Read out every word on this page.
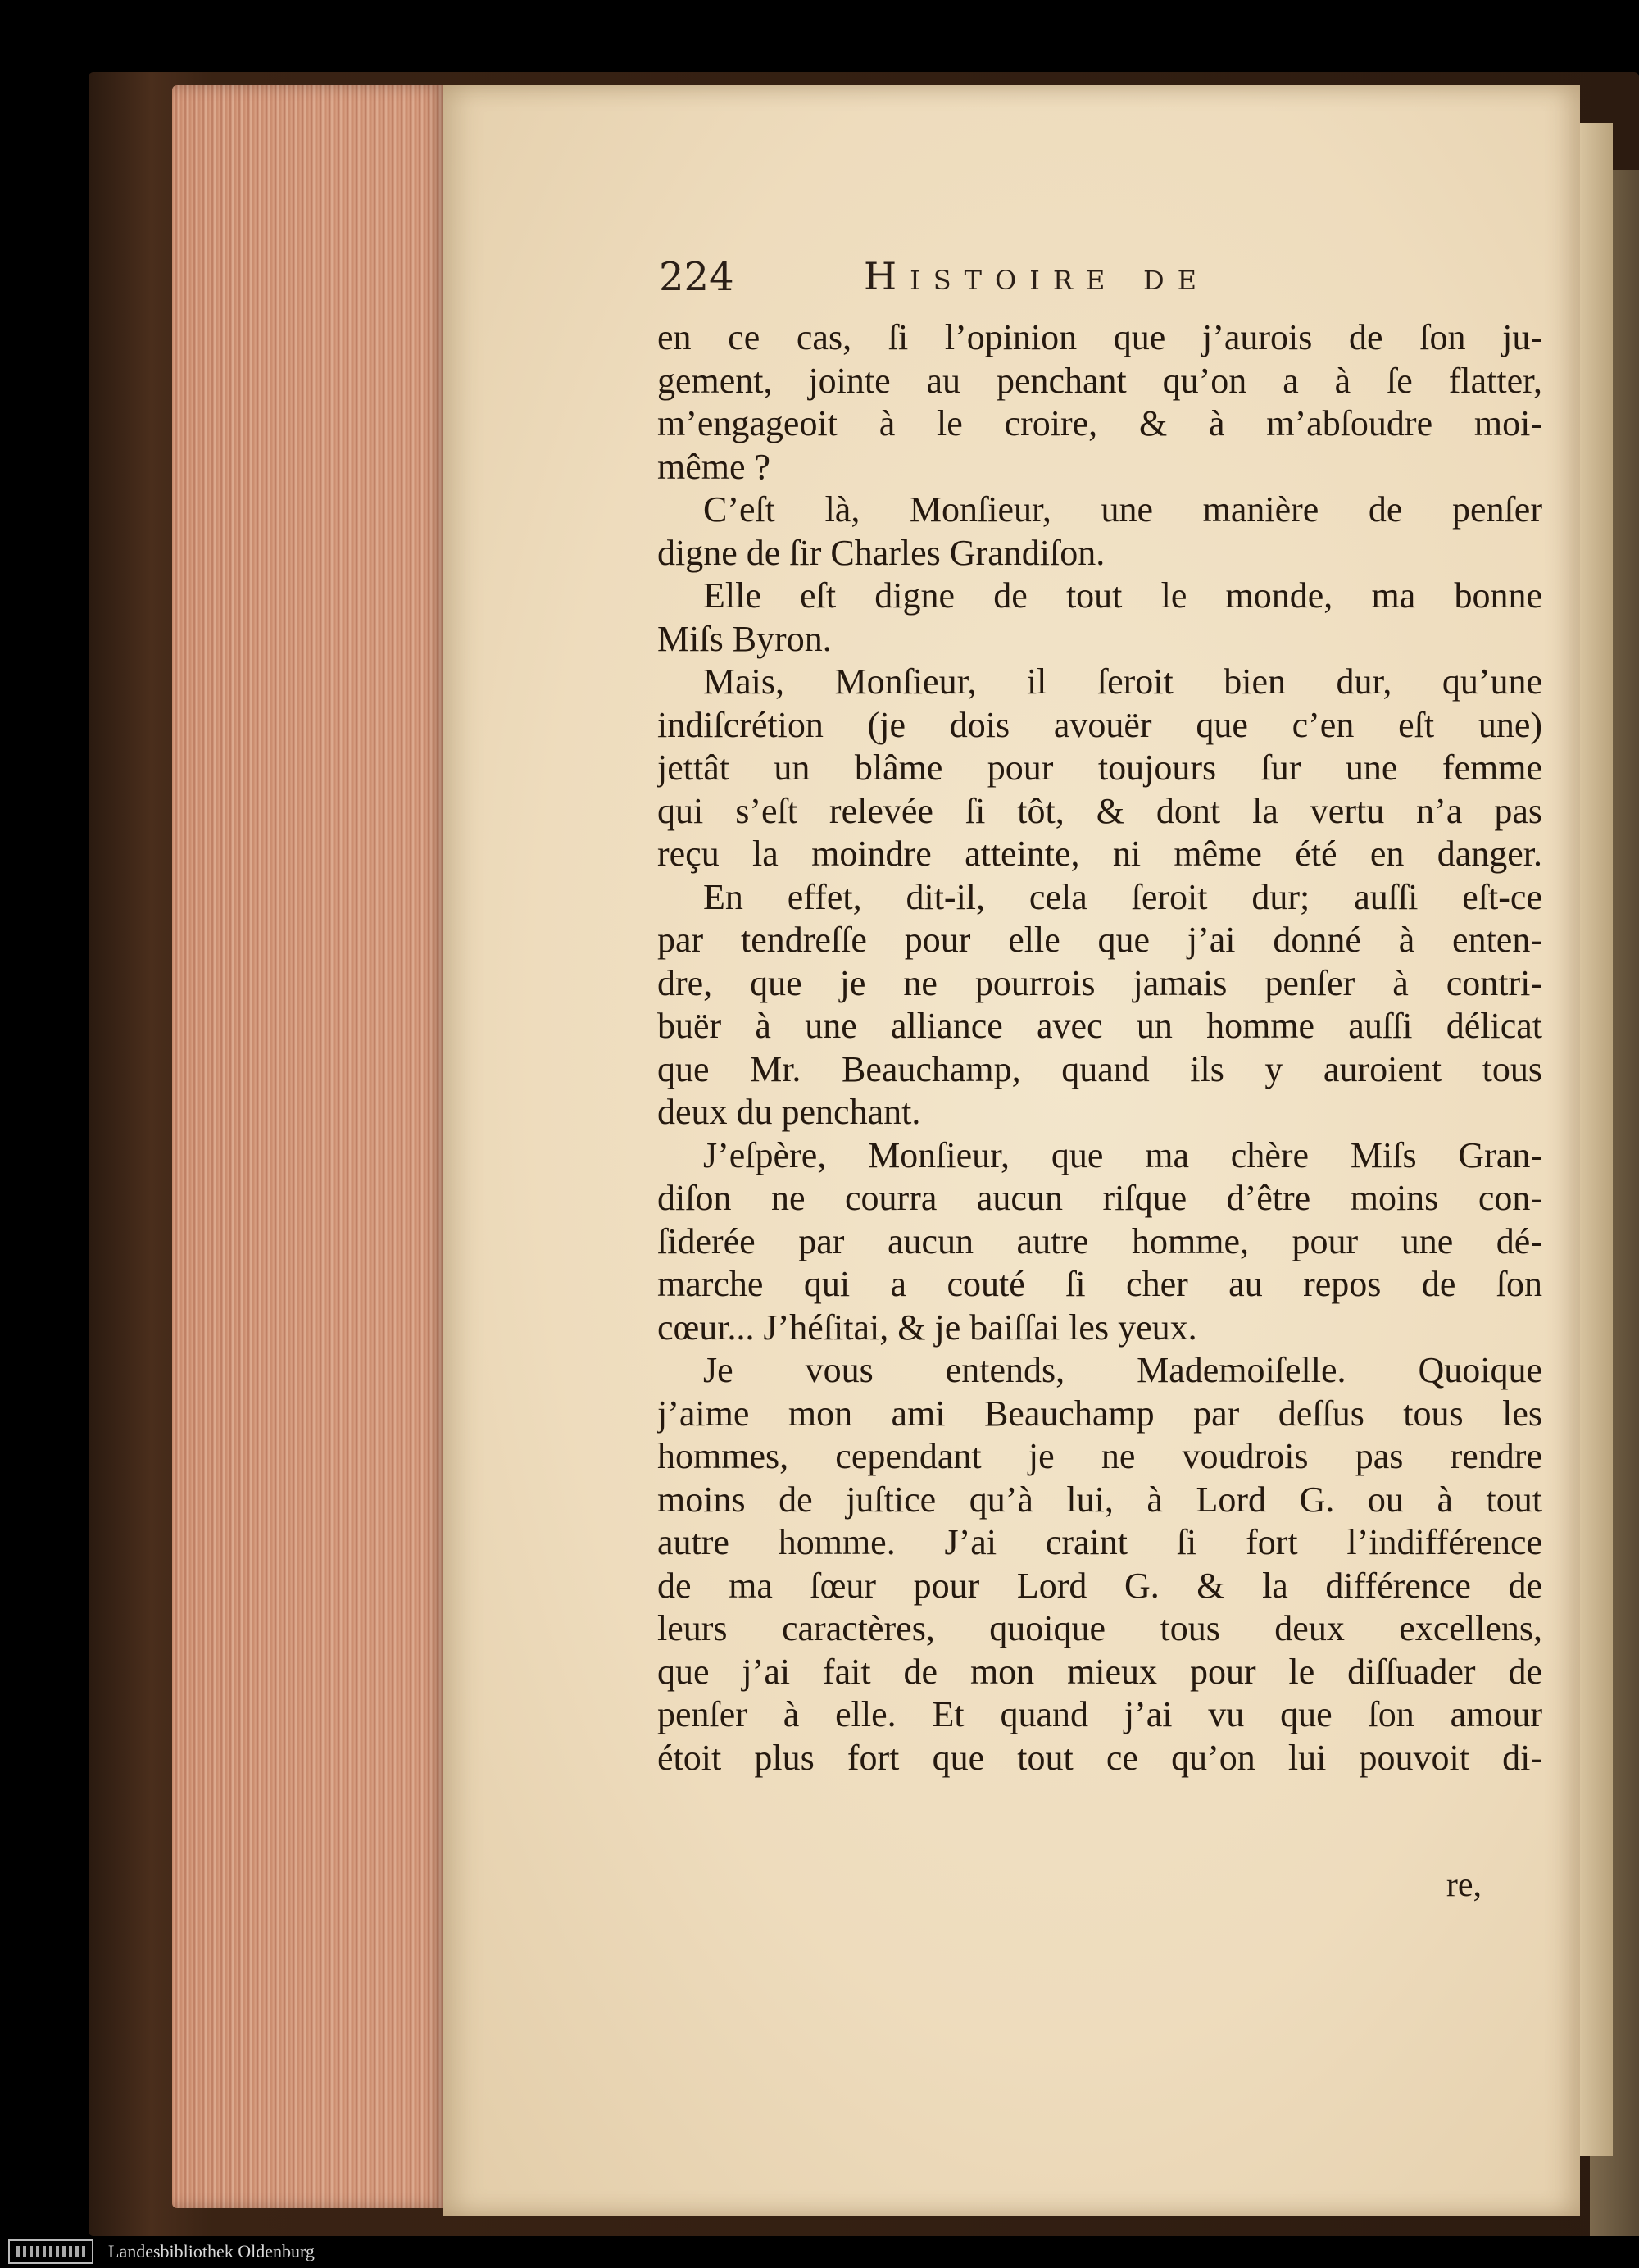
224	Histoire de
en ce cas, ſi l’opinion que j’aurois de ſon ju-
gement, jointe au penchant qu’on a à ſe flatter,
m’engageoit à le croire, & à m’abſoudre moi-
même ?
C’eſt là, Monſieur, une manière de penſer
digne de ſir Charles Grandiſon.
Elle eſt digne de tout le monde, ma bonne
Miſs Byron.
Mais, Monſieur, il ſeroit bien dur, qu’une
indiſcrétion (je dois avouër que c’en eſt une)
jettât un blâme pour toujours ſur une femme
qui s’eſt relevée ſi tôt, & dont la vertu n’a pas
reçu la moindre atteinte, ni même été en danger.
En effet, dit-il, cela ſeroit dur; auſſi eſt-ce
par tendreſſe pour elle que j’ai donné à enten-
dre, que je ne pourrois jamais penſer à contri-
buër à une alliance avec un homme auſſi délicat
que Mr. Beauchamp, quand ils y auroient tous
deux du penchant.
J’eſpère, Monſieur, que ma chère Miſs Gran-
diſon ne courra aucun riſque d’être moins con-
ſiderée par aucun autre homme, pour une dé-
marche qui a couté ſi cher au repos de ſon
cœur... J’héſitai, & je baiſſai les yeux.
Je vous entends, Mademoiſelle. Quoique
j’aime mon ami Beauchamp par deſſus tous les
hommes, cependant je ne voudrois pas rendre
moins de juſtice qu’à lui, à Lord G. ou à tout
autre homme. J’ai craint ſi fort l’indifférence
de ma ſœur pour Lord G. & la différence de
leurs caractères, quoique tous deux excellens,
que j’ai fait de mon mieux pour le diſſuader de
penſer à elle. Et quand j’ai vu que ſon amour
étoit plus fort que tout ce qu’on lui pouvoit di-
re,
Landesbibliothek Oldenburg
